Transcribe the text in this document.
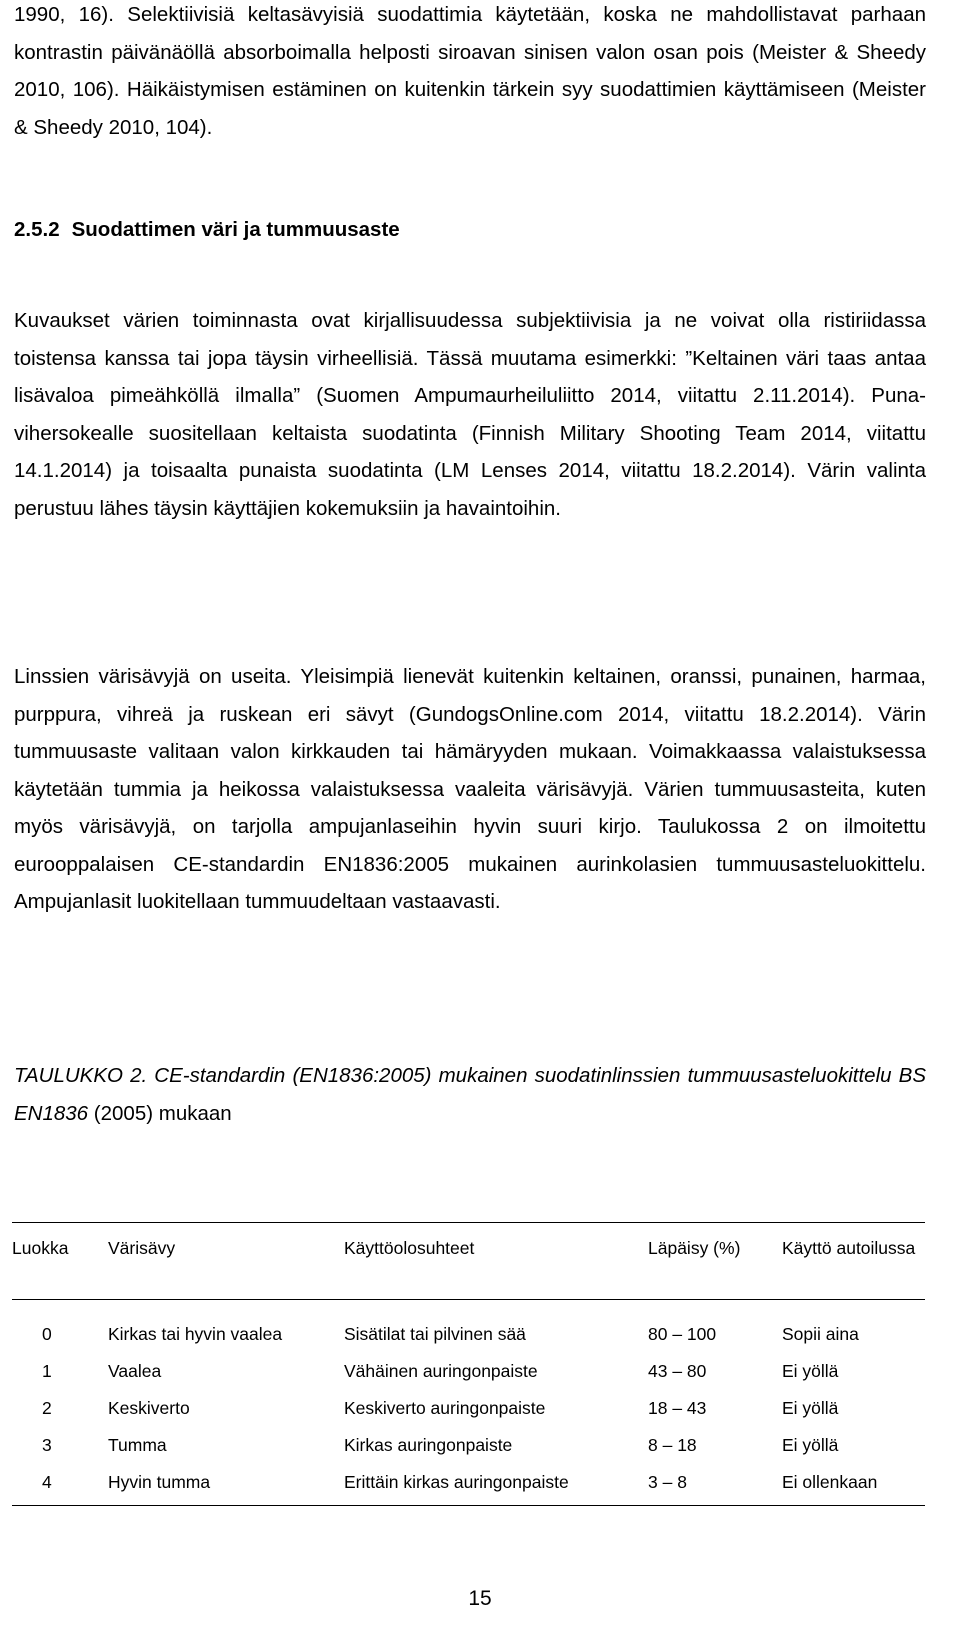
1990, 16). Selektiivisiä keltasävyisiä suodattimia käytetään, koska ne mahdollistavat parhaan kontrastin päivänäöllä absorboimalla helposti siroavan sinisen valon osan pois (Meister & Sheedy 2010, 106). Häikäistymisen estäminen on kuitenkin tärkein syy suodattimien käyttämiseen (Meister & Sheedy 2010, 104).

2.5.2 Suodattimen väri ja tummuusaste

Kuvaukset värien toiminnasta ovat kirjallisuudessa subjektiivisia ja ne voivat olla ristiriidassa toistensa kanssa tai jopa täysin virheellisiä. Tässä muutama esimerkki: ”Keltainen väri taas antaa lisävaloa pimeähköllä ilmalla” (Suomen Ampumaurheiluliitto 2014, viitattu 2.11.2014). Puna-vihersokealle suositellaan keltaista suodatinta (Finnish Military Shooting Team 2014, viitattu 14.1.2014) ja toisaalta punaista suodatinta (LM Lenses 2014, viitattu 18.2.2014). Värin valinta perustuu lähes täysin käyttäjien kokemuksiin ja havaintoihin.

Linssien värisävyjä on useita. Yleisimpiä lienevät kuitenkin keltainen, oranssi, punainen, harmaa, purppura, vihreä ja ruskean eri sävyt (GundogsOnline.com 2014, viitattu 18.2.2014). Värin tummuusaste valitaan valon kirkkauden tai hämäryyden mukaan. Voimakkaassa valaistuksessa käytetään tummia ja heikossa valaistuksessa vaaleita värisävyjä. Värien tummuusasteita, kuten myös värisävyjä, on tarjolla ampujanlaseihin hyvin suuri kirjo. Taulukossa 2 on ilmoitettu eurooppalaisen CE-standardin EN1836:2005 mukainen aurinkolasien tummuusasteluokittelu. Ampujanlasit luokitellaan tummuudeltaan vastaavasti.

TAULUKKO 2. CE-standardin (EN1836:2005) mukainen suodatinlinssien tummuusasteluokittelu BS EN1836 (2005) mukaan

Luokka	Värisävy	Käyttöolosuhteet	Läpäisy (%)	Käyttö autoilussa
0	Kirkas tai hyvin vaalea	Sisätilat tai pilvinen sää	80 – 100	Sopii aina
1	Vaalea	Vähäinen auringonpaiste	43 – 80	Ei yöllä
2	Keskiverto	Keskiverto auringonpaiste	18 – 43	Ei yöllä
3	Tumma	Kirkas auringonpaiste	8 – 18	Ei yöllä
4	Hyvin tumma	Erittäin kirkas auringonpaiste	3 – 8	Ei ollenkaan
15
